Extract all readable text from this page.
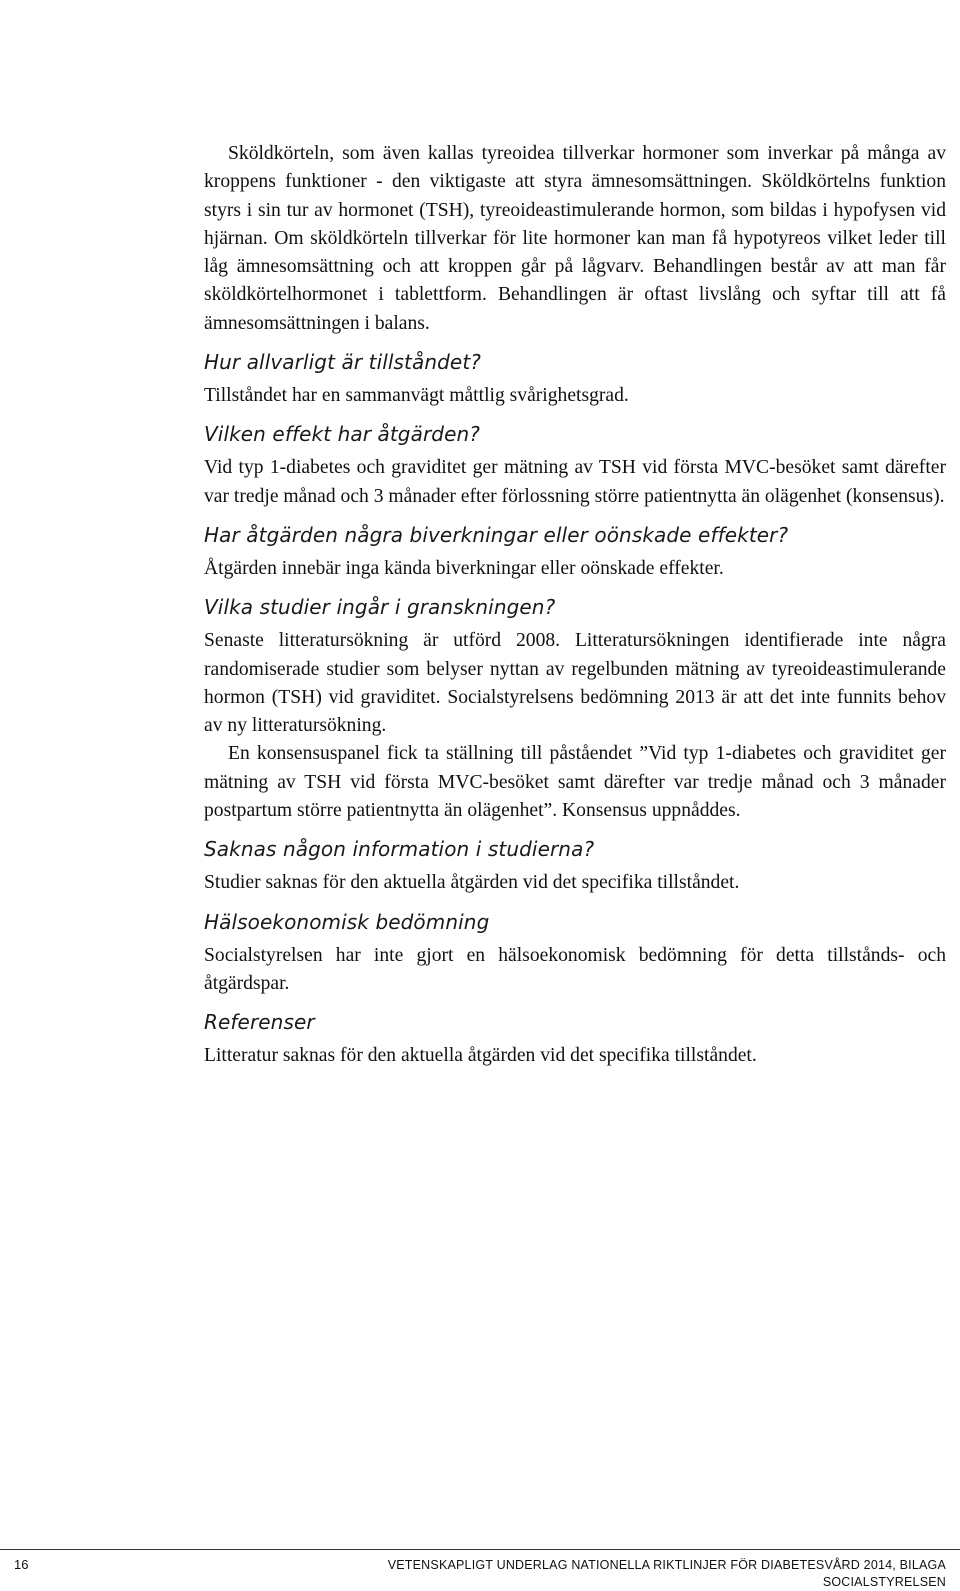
Sköldkörteln, som även kallas tyreoidea tillverkar hormoner som inverkar på många av kroppens funktioner - den viktigaste att styra ämnesomsättningen. Sköldkörtelns funktion styrs i sin tur av hormonet (TSH), tyreoideastimulerande hormon, som bildas i hypofysen vid hjärnan. Om sköldkörteln tillverkar för lite hormoner kan man få hypotyreos vilket leder till låg ämnesomsättning och att kroppen går på lågvarv. Behandlingen består av att man får sköldkörtelhormonet i tablettform. Behandlingen är oftast livslång och syftar till att få ämnesomsättningen i balans.

Hur allvarligt är tillståndet?

Tillståndet har en sammanvägt måttlig svårighetsgrad.

Vilken effekt har åtgärden?

Vid typ 1-diabetes och graviditet ger mätning av TSH vid första MVC-besöket samt därefter var tredje månad och 3 månader efter förlossning större patientnytta än olägenhet (konsensus).

Har åtgärden några biverkningar eller oönskade effekter?

Åtgärden innebär inga kända biverkningar eller oönskade effekter.

Vilka studier ingår i granskningen?

Senaste litteratursökning är utförd 2008. Litteratursökningen identifierade inte några randomiserade studier som belyser nyttan av regelbunden mätning av tyreoideastimulerande hormon (TSH) vid graviditet. Socialstyrelsens bedömning 2013 är att det inte funnits behov av ny litteratursökning.

En konsensuspanel fick ta ställning till påståendet ”Vid typ 1-diabetes och graviditet ger mätning av TSH vid första MVC-besöket samt därefter var tredje månad och 3 månader postpartum större patientnytta än olägenhet”. Konsensus uppnåddes.

Saknas någon information i studierna?

Studier saknas för den aktuella åtgärden vid det specifika tillståndet.

Hälsoekonomisk bedömning

Socialstyrelsen har inte gjort en hälsoekonomisk bedömning för detta tillstånds- och åtgärdspar.

Referenser

Litteratur saknas för den aktuella åtgärden vid det specifika tillståndet.

16	VETENSKAPLIGT UNDERLAG NATIONELLA RIKTLINJER FÖR DIABETESVÅRD 2014, BILAGA
SOCIALSTYRELSEN
